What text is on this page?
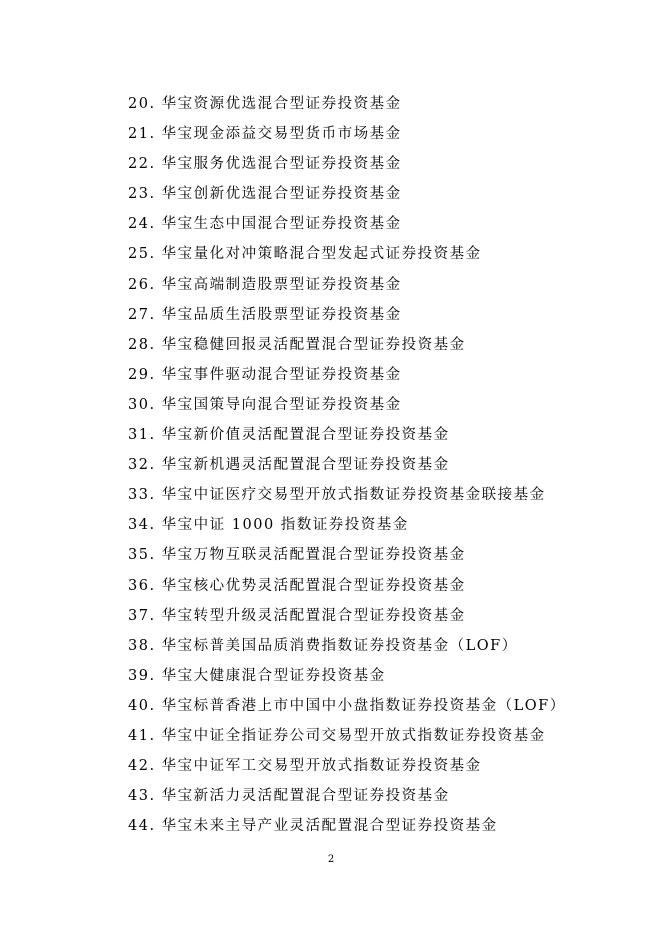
20. 华宝资源优选混合型证券投资基金
21. 华宝现金添益交易型货币市场基金
22. 华宝服务优选混合型证券投资基金
23. 华宝创新优选混合型证券投资基金
24. 华宝生态中国混合型证券投资基金
25. 华宝量化对冲策略混合型发起式证券投资基金
26. 华宝高端制造股票型证券投资基金
27. 华宝品质生活股票型证券投资基金
28. 华宝稳健回报灵活配置混合型证券投资基金
29. 华宝事件驱动混合型证券投资基金
30. 华宝国策导向混合型证券投资基金
31. 华宝新价值灵活配置混合型证券投资基金
32. 华宝新机遇灵活配置混合型证券投资基金
33. 华宝中证医疗交易型开放式指数证券投资基金联接基金
34. 华宝中证 1000 指数证券投资基金
35. 华宝万物互联灵活配置混合型证券投资基金
36. 华宝核心优势灵活配置混合型证券投资基金
37. 华宝转型升级灵活配置混合型证券投资基金
38. 华宝标普美国品质消费指数证券投资基金（LOF）
39. 华宝大健康混合型证券投资基金
40. 华宝标普香港上市中国中小盘指数证券投资基金（LOF）
41. 华宝中证全指证券公司交易型开放式指数证券投资基金
42. 华宝中证军工交易型开放式指数证券投资基金
43. 华宝新活力灵活配置混合型证券投资基金
44. 华宝未来主导产业灵活配置混合型证券投资基金
2
